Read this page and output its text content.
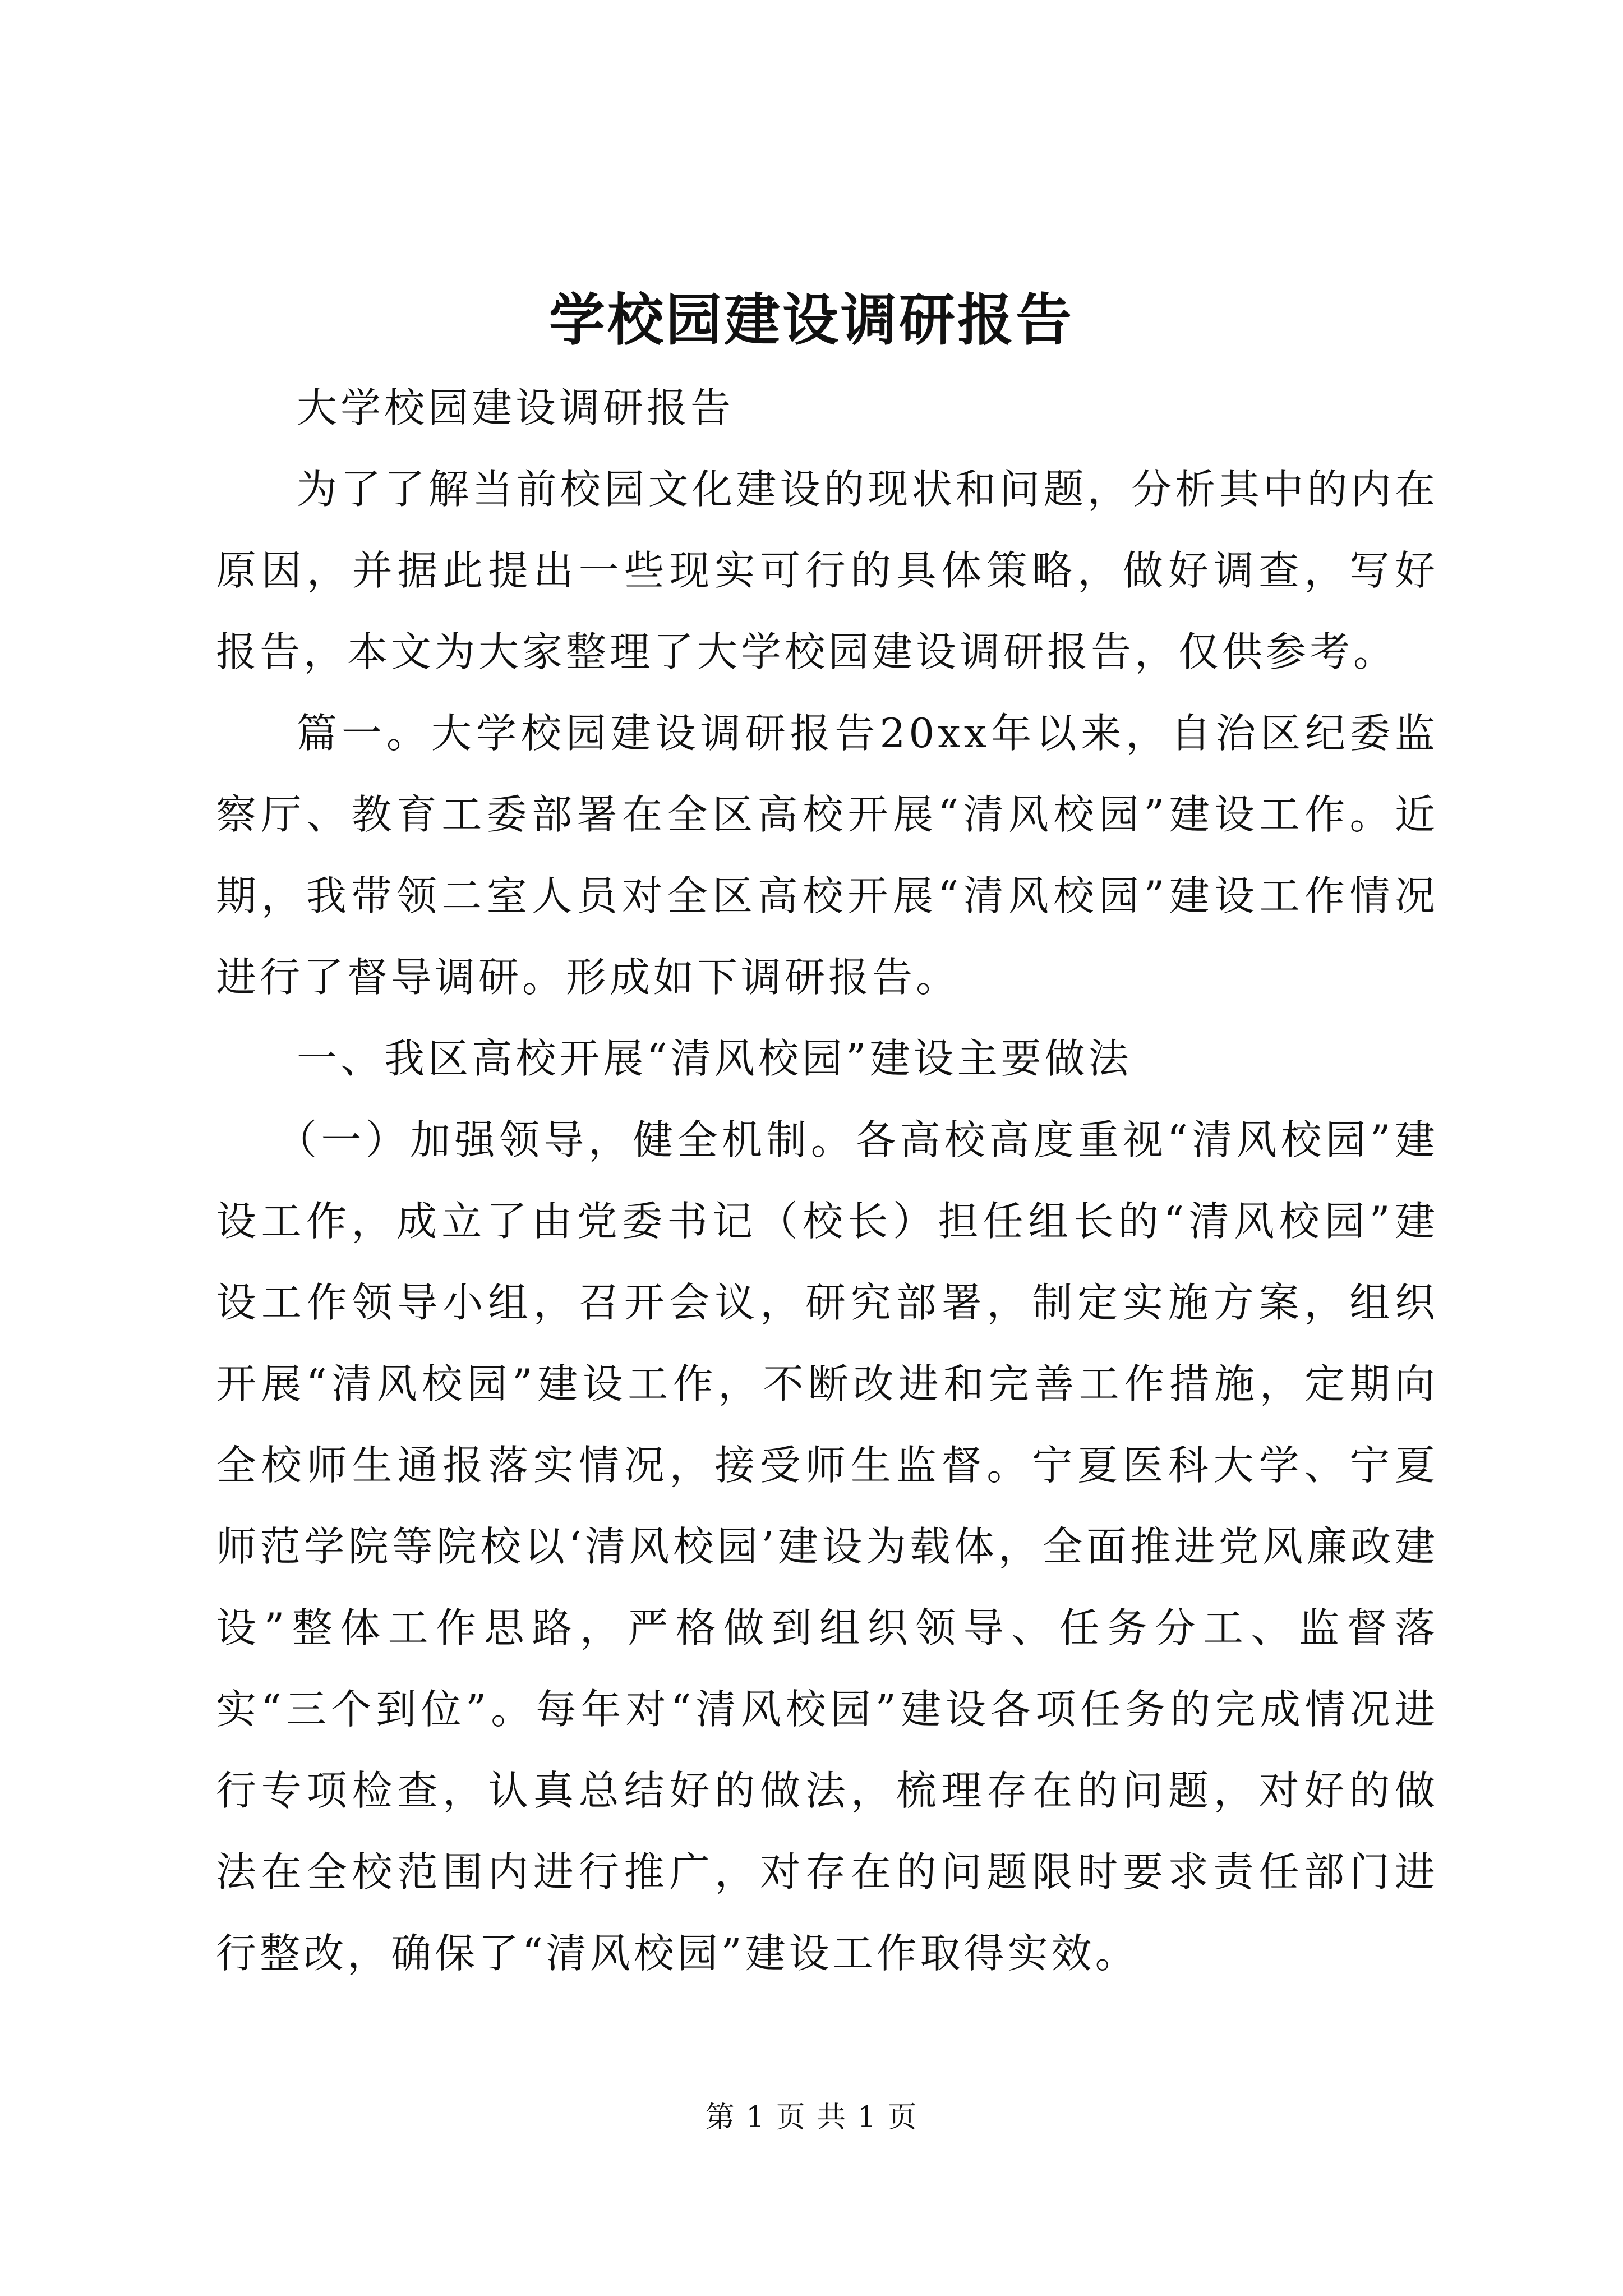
学校园建设调研报告

大学校园建设调研报告

为了了解当前校园文化建设的现状和问题，分析其中的内在原因，并据此提出一些现实可行的具体策略，做好调查，写好报告，本文为大家整理了大学校园建设调研报告，仅供参考。

篇一。大学校园建设调研报告20xx年以来，自治区纪委监察厅、教育工委部署在全区高校开展“清风校园”建设工作。近期，我带领二室人员对全区高校开展“清风校园”建设工作情况进行了督导调研。形成如下调研报告。

一、我区高校开展“清风校园”建设主要做法

（一）加强领导，健全机制。各高校高度重视“清风校园”建设工作，成立了由党委书记（校长）担任组长的“清风校园”建设工作领导小组，召开会议，研究部署，制定实施方案，组织开展“清风校园”建设工作，不断改进和完善工作措施，定期向全校师生通报落实情况，接受师生监督。宁夏医科大学、宁夏师范学院等院校以‘清风校园’建设为载体，全面推进党风廉政建设”整体工作思路，严格做到组织领导、任务分工、监督落实“三个到位”。每年对“清风校园”建设各项任务的完成情况进行专项检查，认真总结好的做法，梳理存在的问题，对好的做法在全校范围内进行推广，对存在的问题限时要求责任部门进行整改，确保了“清风校园”建设工作取得实效。

第 1 页 共 1 页
